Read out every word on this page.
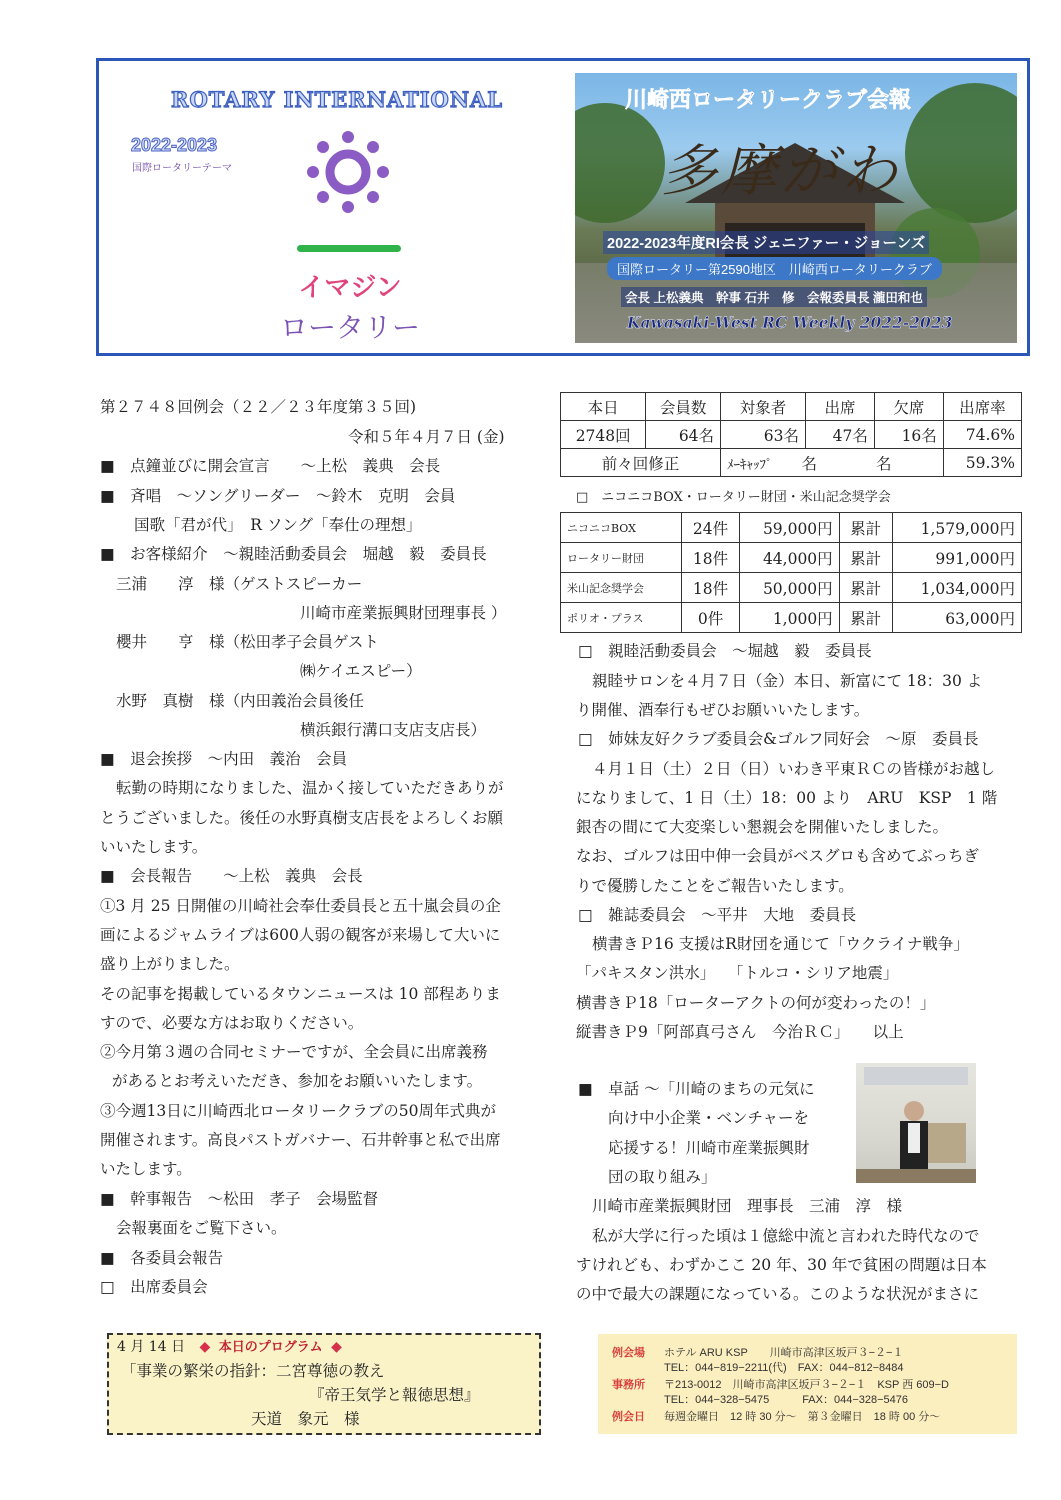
ROTARY INTERNATIONAL
2022-2023
国際ロータリーテーマ
イマジン
ロータリー
川崎西ロータリークラブ会報
多摩がわ
2022-2023年度RI会長 ジェニファー・ジョーンズ
国際ロータリー第2590地区　川崎西ロータリークラブ
会長 上松義典　幹事 石井　修　会報委員長 瀧田和也
Kawasaki-West RC Weekly 2022-2023
第２７４８回例会（２２／２３年度第３５回)
令和５年４月７日 (金)
■　点鐘並びに開会宣言　　～上松　義典　会長
■　斉唱　～ソングリーダー　～鈴木　克明　会員
国歌「君が代」　R ソング「奉仕の理想」
■　お客様紹介　～親睦活動委員会　堀越　毅　委員長
三浦　　淳　様（ゲストスピーカー
川崎市産業振興財団理事長 ）
櫻井　　亨　様（松田孝子会員ゲスト
㈱ケイエスピー）
水野　真樹　様（内田義治会員後任
横浜銀行溝口支店支店長）
■　退会挨拶　～内田　義治　会員
転勤の時期になりました、温かく接していただきありが
とうございました。後任の水野真樹支店長をよろしくお願
いいたします。
■　会長報告　　～上松　義典　会長
①3 月 25 日開催の川崎社会奉仕委員長と五十嵐会員の企
画によるジャムライブは600人弱の観客が来場して大いに
盛り上がりました。
その記事を掲載しているタウンニュースは 10 部程ありま
すので、必要な方はお取りください。
②今月第３週の合同セミナーですが、全会員に出席義務
があるとお考えいただき、参加をお願いいたします。
③今週13日に川崎西北ロータリークラブの50周年式典が
開催されます。高良パストガバナー、石井幹事と私で出席
いたします。
■　幹事報告　～松田　孝子　会場監督
会報裏面をご覧下さい。
■　各委員会報告
□　出席委員会
本日	会員数	対象者	出席	欠席	出席率
2748回	64名	63名	47名	16名	74.6%
前々回修正		ﾒｰｷｬｯﾌﾟ 名 名			59.3%
□　ニコニコBOX・ロータリー財団・米山記念奨学会
ニコニコBOX	24件	59,000円	累計	1,579,000円
ロータリー財団	18件	44,000円	累計	991,000円
米山記念奨学会	18件	50,000円	累計	1,034,000円
ポリオ・プラス	0件	1,000円	累計	63,000円
□　親睦活動委員会　～堀越　毅　委員長
親睦サロンを４月７日（金）本日、新富にて 18：30 よ
り開催、酒奉行もぜひお願いいたします。
□　姉妹友好クラブ委員会&ゴルフ同好会　～原　委員長
４月１日（土）２日（日）いわき平東ＲＣの皆様がお越し
になりまして、1 日（土）18：00 より　ARU　KSP　1 階
銀杏の間にて大変楽しい懇親会を開催いたしました。
なお、ゴルフは田中伸一会員がベスグロも含めてぶっちぎ
りで優勝したことをご報告いたします。
□　雑誌委員会　～平井　大地　委員長
横書きＰ16 支援はR財団を通じて「ウクライナ戦争」
「パキスタン洪水」　 「トルコ・シリア地震」
横書きＰ18「ローターアクトの何が変わったの！」
縦書きＰ9「阿部真弓さん　今治ＲＣ」　　以上
■　卓話 ～「川崎のまちの元気に
向け中小企業・ベンチャーを
応援する！川崎市産業振興財
団の取り組み」
川崎市産業振興財団　理事長　三浦　淳　様
私が大学に行った頃は１億総中流と言われた時代なので
すけれども、わずかここ 20 年、30 年で貧困の問題は日本
の中で最大の課題になっている。このような状況がまさに
4 月 14 日 ◆ 本日のプログラム ◆
「事業の繁栄の指針：二宮尊徳の教え
『帝王気学と報徳思想』
天道　象元　様
例会場 ホテル ARU KSP　　川崎市高津区坂戸３−２−１
TEL：044−819−2211(代)　FAX：044−812−8484
事務所 〒213-0012　川崎市高津区坂戸３−２−１　KSP 西 609−D
TEL：044−328−5475　　　FAX：044−328−5476
例会日 毎週金曜日　12 時 30 分～　第３金曜日　18 時 00 分～
